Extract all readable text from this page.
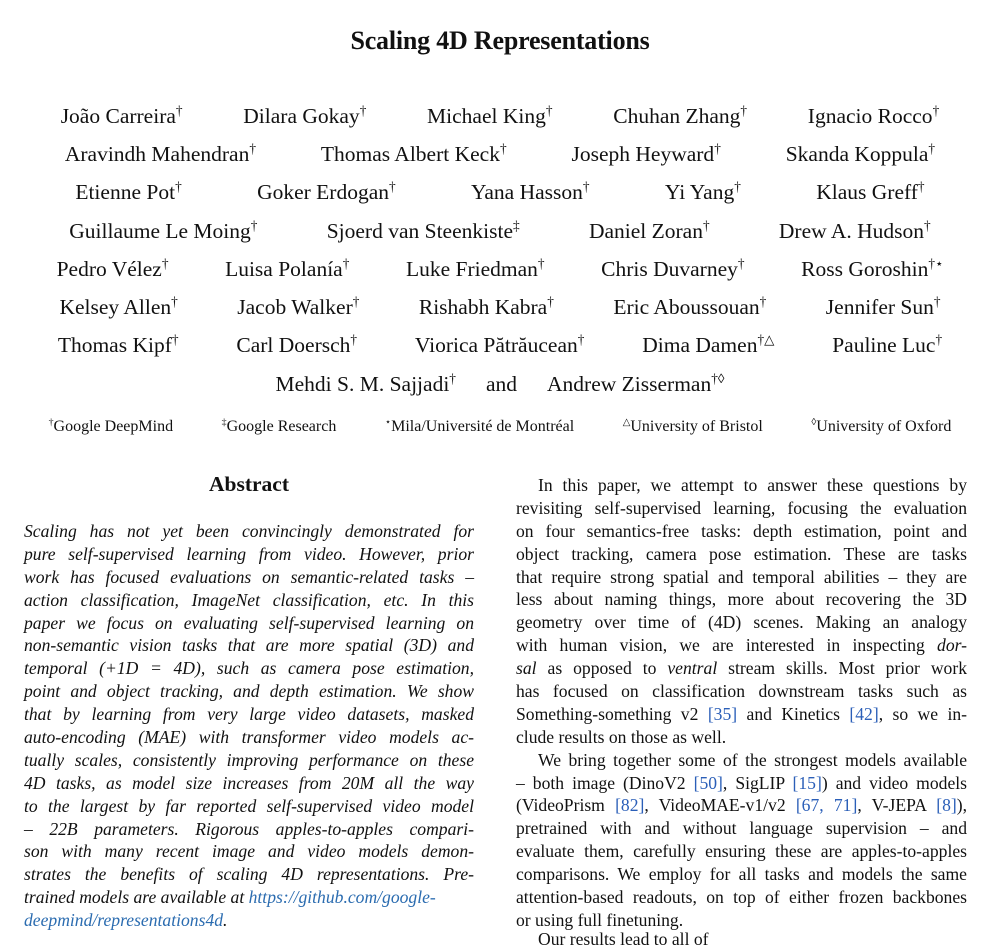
Scaling 4D Representations
João Carreira†	Dilara Gokay†	Michael King†	Chuhan Zhang†	Ignacio Rocco†
Aravindh Mahendran†	Thomas Albert Keck†	Joseph Heyward†	Skanda Koppula†
Etienne Pot†	Goker Erdogan†	Yana Hasson†	Yi Yang†	Klaus Greff†
Guillaume Le Moing†	Sjoerd van Steenkiste‡	Daniel Zoran†	Drew A. Hudson†
Pedro Vélez†	Luisa Polanía†	Luke Friedman†	Chris Duvarney†	Ross Goroshin†⋆
Kelsey Allen†	Jacob Walker†	Rishabh Kabra†	Eric Aboussouan†	Jennifer Sun†
Thomas Kipf†	Carl Doersch†	Viorica Pătrăucean†	Dima Damen†△	Pauline Luc†
Mehdi S. M. Sajjadi† and Andrew Zisserman†◊
†Google DeepMind	‡Google Research	⋆Mila/Université de Montréal	△University of Bristol	◊University of Oxford
Abstract
Scaling has not yet been convincingly demonstrated for
pure self-supervised learning from video. However, prior
work has focused evaluations on semantic-related tasks –
action classification, ImageNet classification, etc. In this
paper we focus on evaluating self-supervised learning on
non-semantic vision tasks that are more spatial (3D) and
temporal (+1D = 4D), such as camera pose estimation,
point and object tracking, and depth estimation. We show
that by learning from very large video datasets, masked
auto-encoding (MAE) with transformer video models ac-
tually scales, consistently improving performance on these
4D tasks, as model size increases from 20M all the way
to the largest by far reported self-supervised video model
– 22B parameters. Rigorous apples-to-apples compari-
son with many recent image and video models demon-
strates the benefits of scaling 4D representations. Pre-
trained models are available at https://github.com/google-
deepmind/representations4d.
In this paper, we attempt to answer these questions by
revisiting self-supervised learning, focusing the evaluation
on four semantics-free tasks: depth estimation, point and
object tracking, camera pose estimation. These are tasks
that require strong spatial and temporal abilities – they are
less about naming things, more about recovering the 3D
geometry over time of (4D) scenes. Making an analogy
with human vision, we are interested in inspecting dor-
sal as opposed to ventral stream skills. Most prior work
has focused on classification downstream tasks such as
Something-something v2 [35] and Kinetics [42], so we in-
clude results on those as well.
We bring together some of the strongest models available
– both image (DinoV2 [50], SigLIP [15]) and video models
(VideoPrism [82], VideoMAE-v1/v2 [67, 71], V-JEPA [8]),
pretrained with and without language supervision – and
evaluate them, carefully ensuring these are apples-to-apples
comparisons. We employ for all tasks and models the same
attention-based readouts, on top of either frozen backbones
or using full finetuning.
Our results lead to all of
